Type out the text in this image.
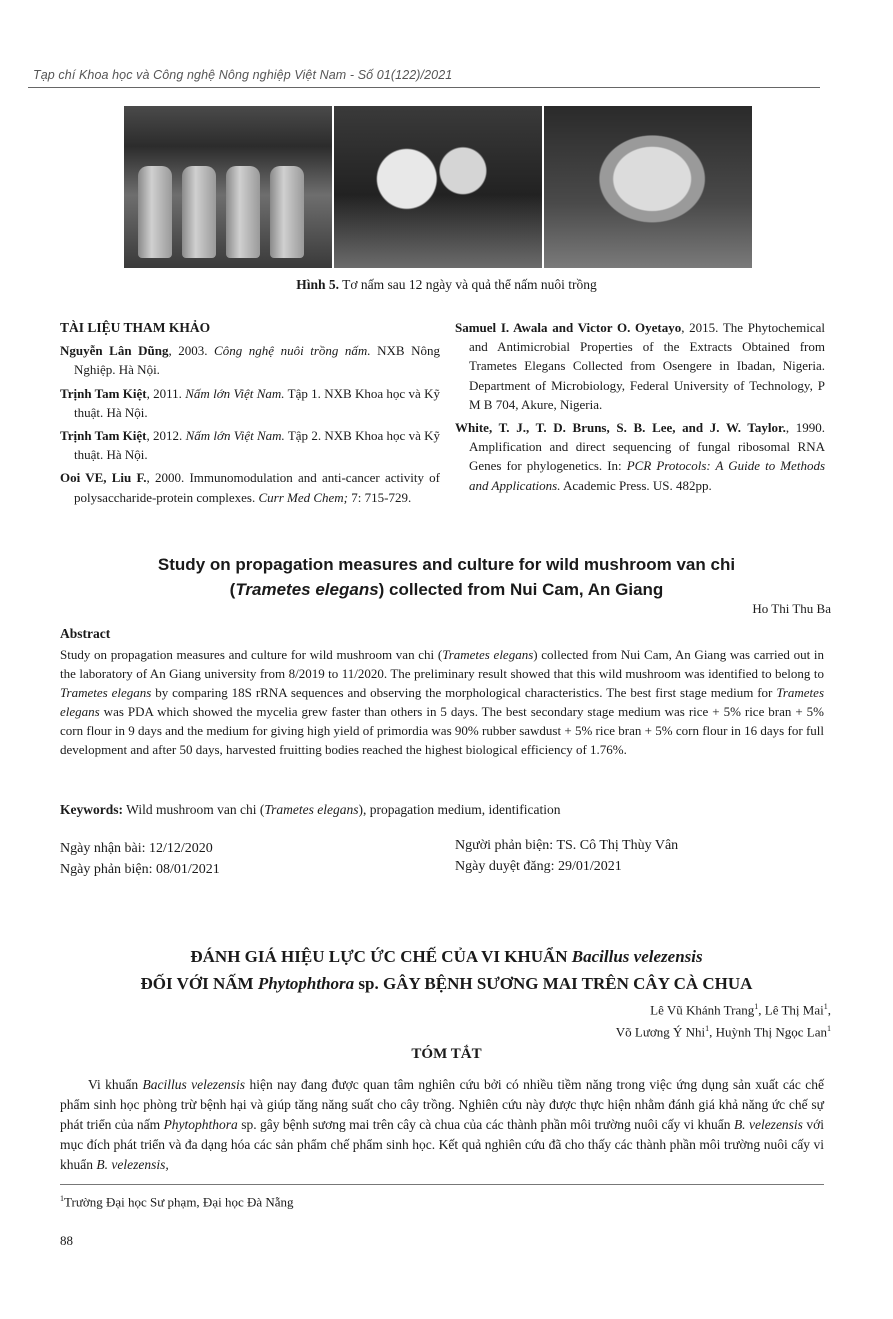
Tạp chí Khoa học và Công nghệ Nông nghiệp Việt Nam - Số 01(122)/2021
Hình 5. Tơ nấm sau 12 ngày và quả thể nấm nuôi trồng
TÀI LIỆU THAM KHẢO
Nguyễn Lân Dũng, 2003. Công nghệ nuôi trồng nấm. NXB Nông Nghiệp. Hà Nội.
Trịnh Tam Kiệt, 2011. Nấm lớn Việt Nam. Tập 1. NXB Khoa học và Kỹ thuật. Hà Nội.
Trịnh Tam Kiệt, 2012. Nấm lớn Việt Nam. Tập 2. NXB Khoa học và Kỹ thuật. Hà Nội.
Ooi VE, Liu F., 2000. Immunomodulation and anti-cancer activity of polysaccharide-protein complexes. Curr Med Chem; 7: 715-729.
Samuel I. Awala and Victor O. Oyetayo, 2015. The Phytochemical and Antimicrobial Properties of the Extracts Obtained from Trametes Elegans Collected from Osengere in Ibadan, Nigeria. Department of Microbiology, Federal University of Technology, P M B 704, Akure, Nigeria.
White, T. J., T. D. Bruns, S. B. Lee, and J. W. Taylor., 1990. Amplification and direct sequencing of fungal ribosomal RNA Genes for phylogenetics. In: PCR Protocols: A Guide to Methods and Applications. Academic Press. US. 482pp.
Study on propagation measures and culture for wild mushroom van chi
(Trametes elegans) collected from Nui Cam, An Giang
Ho Thi Thu Ba
Abstract
Study on propagation measures and culture for wild mushroom van chi (Trametes elegans) collected from Nui Cam, An Giang was carried out in the laboratory of An Giang university from 8/2019 to 11/2020. The preliminary result showed that this wild mushroom was identified to belong to Trametes elegans by comparing 18S rRNA sequences and observing the morphological characteristics. The best first stage medium for Trametes elegans was PDA which showed the mycelia grew faster than others in 5 days. The best secondary stage medium was rice + 5% rice bran + 5% corn flour in 9 days and the medium for giving high yield of primordia was 90% rubber sawdust + 5% rice bran + 5% corn flour in 16 days for full development and after 50 days, harvested fruitting bodies reached the highest biological efficiency of 1.76%.
Keywords: Wild mushroom van chi (Trametes elegans), propagation medium, identification
Ngày nhận bài: 12/12/2020
Ngày phản biện: 08/01/2021
Người phản biện: TS. Cô Thị Thùy Vân
Ngày duyệt đăng: 29/01/2021
ĐÁNH GIÁ HIỆU LỰC ỨC CHẾ CỦA VI KHUẨN Bacillus velezensis
ĐỐI VỚI NẤM Phytophthora sp. GÂY BỆNH SƯƠNG MAI TRÊN CÂY CÀ CHUA
Lê Vũ Khánh Trang$^1$, Lê Thị Mai$^1$,
Võ Lương Ý Nhi$^1$, Huỳnh Thị Ngọc Lan$^1$
TÓM TẮT
Vi khuẩn Bacillus velezensis hiện nay đang được quan tâm nghiên cứu bởi có nhiều tiềm năng trong việc ứng dụng sản xuất các chế phẩm sinh học phòng trừ bệnh hại và giúp tăng năng suất cho cây trồng. Nghiên cứu này được thực hiện nhằm đánh giá khả năng ức chế sự phát triển của nấm Phytophthora sp. gây bệnh sương mai trên cây cà chua của các thành phần môi trường nuôi cấy vi khuẩn B. velezensis với mục đích phát triển và đa dạng hóa các sản phẩm chế phẩm sinh học. Kết quả nghiên cứu đã cho thấy các thành phần môi trường nuôi cấy vi khuẩn B. velezensis,
$^1$Trường Đại học Sư phạm, Đại học Đà Nẵng
88
